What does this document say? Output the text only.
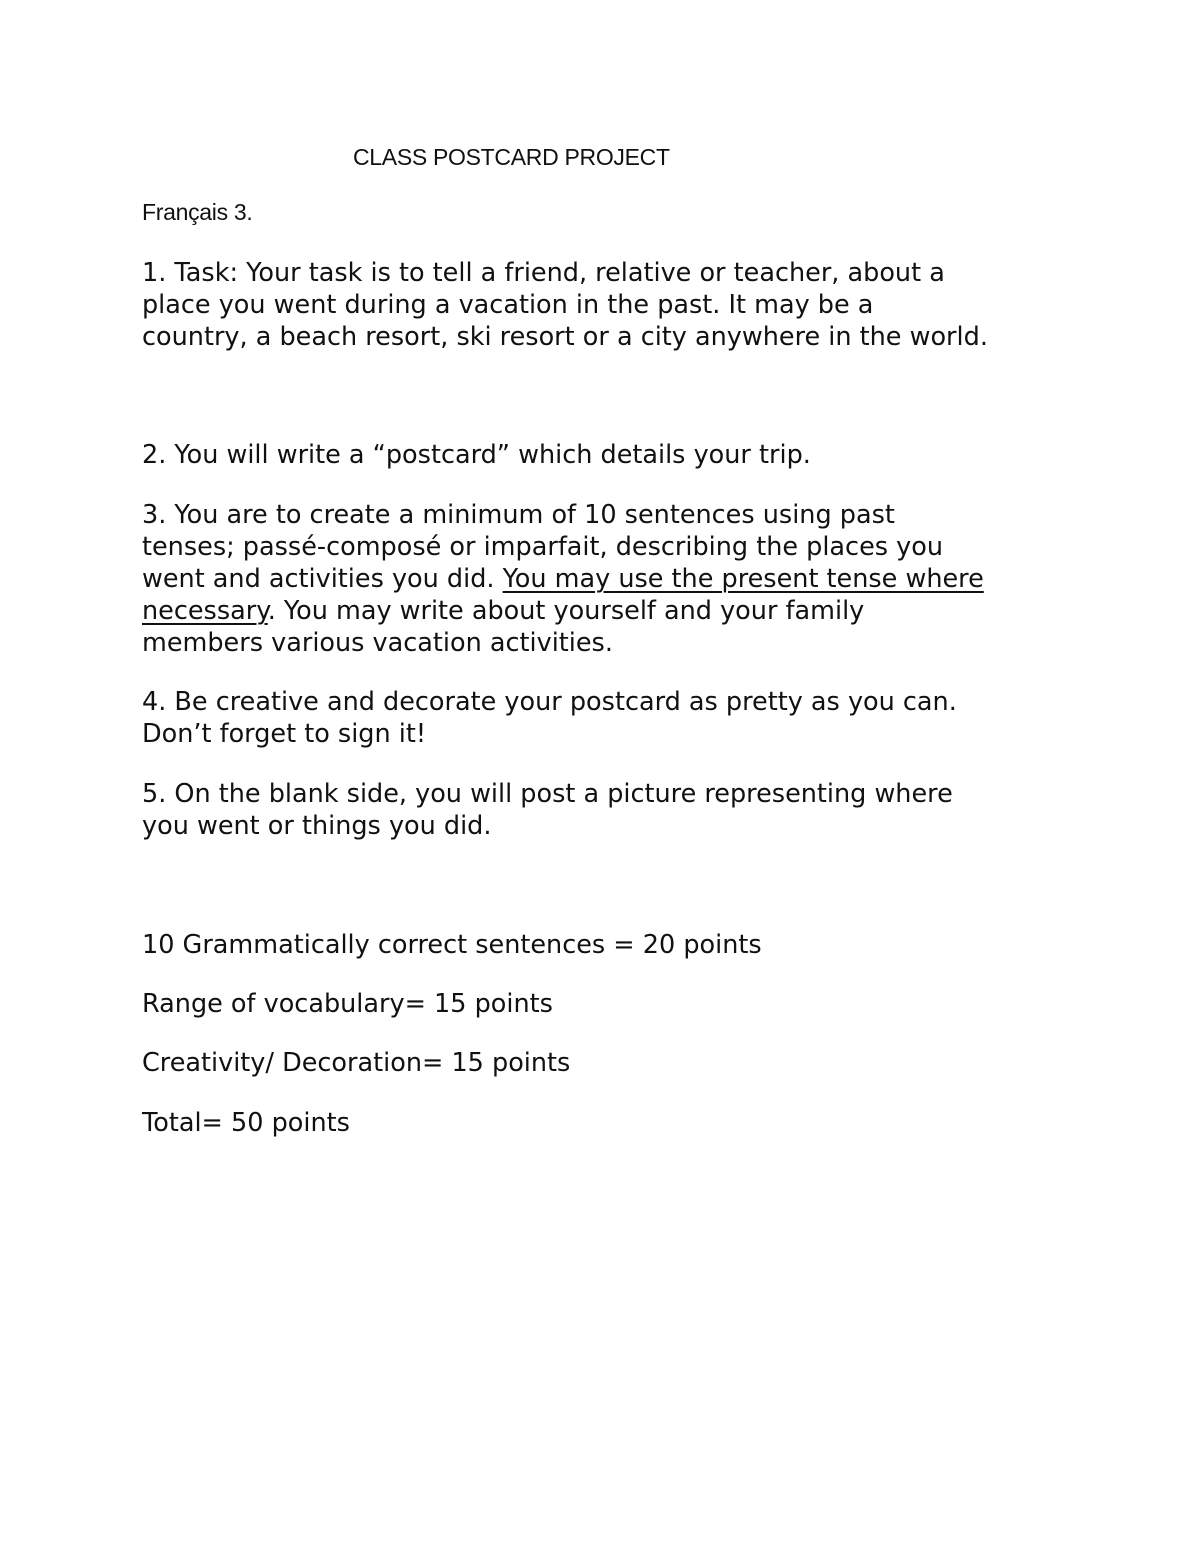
CLASS POSTCARD PROJECT
Français 3.
1. Task: Your task is to tell a friend, relative or teacher, about a
place you went during a vacation in the past. It may be a
country, a beach resort, ski resort or a city anywhere in the world.
2. You will write a “postcard” which details your trip.
3. You are to create a minimum of 10 sentences using past
tenses; passé-composé or imparfait, describing the places you
went and activities you did. You may use the present tense where
necessary. You may write about yourself and your family
members various vacation activities.
4. Be creative and decorate your postcard as pretty as you can.
Don’t forget to sign it!
5. On the blank side, you will post a picture representing where
you went or things you did.
10 Grammatically correct sentences = 20 points
Range of vocabulary= 15 points
Creativity/ Decoration= 15 points
Total= 50 points
